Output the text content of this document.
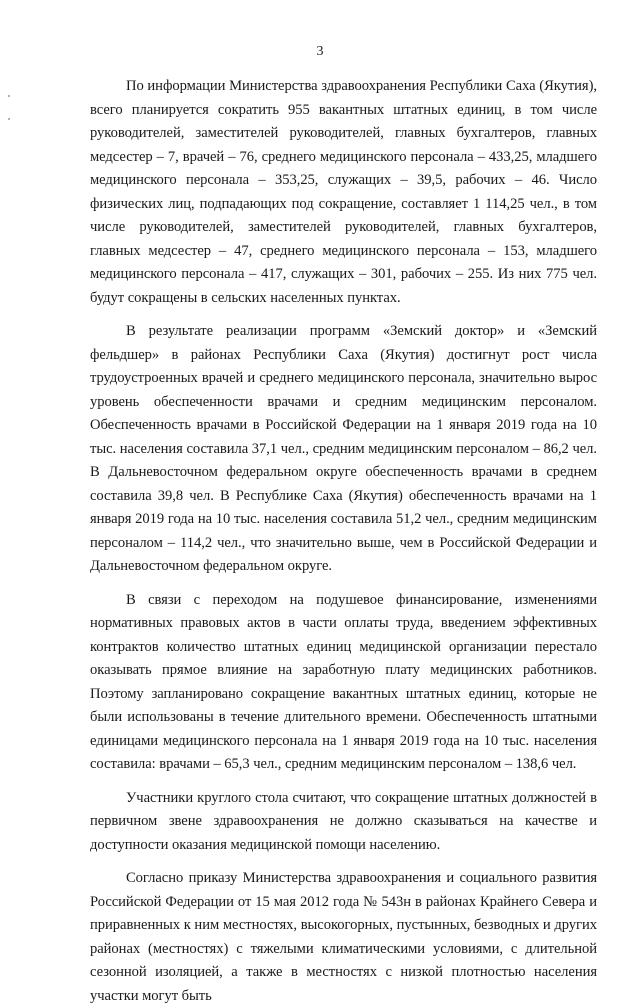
3

По информации Министерства здравоохранения Республики Саха (Якутия), всего планируется сократить 955 вакантных штатных единиц, в том числе руководителей, заместителей руководителей, главных бухгалтеров, главных медсестер – 7, врачей – 76, среднего медицинского персонала – 433,25, младшего медицинского персонала – 353,25, служащих – 39,5, рабочих – 46. Число физических лиц, подпадающих под сокращение, составляет 1 114,25 чел., в том числе руководителей, заместителей руководителей, главных бухгалтеров, главных медсестер – 47, среднего медицинского персонала – 153, младшего медицинского персонала – 417, служащих – 301, рабочих – 255. Из них 775 чел. будут сокращены в сельских населенных пунктах.

В результате реализации программ «Земский доктор» и «Земский фельдшер» в районах Республики Саха (Якутия) достигнут рост числа трудоустроенных врачей и среднего медицинского персонала, значительно вырос уровень обеспеченности врачами и средним медицинским персоналом. Обеспеченность врачами в Российской Федерации на 1 января 2019 года на 10 тыс. населения составила 37,1 чел., средним медицинским персоналом – 86,2 чел. В Дальневосточном федеральном округе обеспеченность врачами в среднем составила 39,8 чел. В Республике Саха (Якутия) обеспеченность врачами на 1 января 2019 года на 10 тыс. населения составила 51,2 чел., средним медицинским персоналом – 114,2 чел., что значительно выше, чем в Российской Федерации и Дальневосточном федеральном округе.

В связи с переходом на подушевое финансирование, изменениями нормативных правовых актов в части оплаты труда, введением эффективных контрактов количество штатных единиц медицинской организации перестало оказывать прямое влияние на заработную плату медицинских работников. Поэтому запланировано сокращение вакантных штатных единиц, которые не были использованы в течение длительного времени. Обеспеченность штатными единицами медицинского персонала на 1 января 2019 года на 10 тыс. населения составила: врачами – 65,3 чел., средним медицинским персоналом – 138,6 чел.

Участники круглого стола считают, что сокращение штатных должностей в первичном звене здравоохранения не должно сказываться на качестве и доступности оказания медицинской помощи населению.

Согласно приказу Министерства здравоохранения и социального развития Российской Федерации от 15 мая 2012 года № 543н в районах Крайнего Севера и приравненных к ним местностях, высокогорных, пустынных, безводных и других районах (местностях) с тяжелыми климатическими условиями, с длительной сезонной изоляцией, а также в местностях с низкой плотностью населения участки могут быть
